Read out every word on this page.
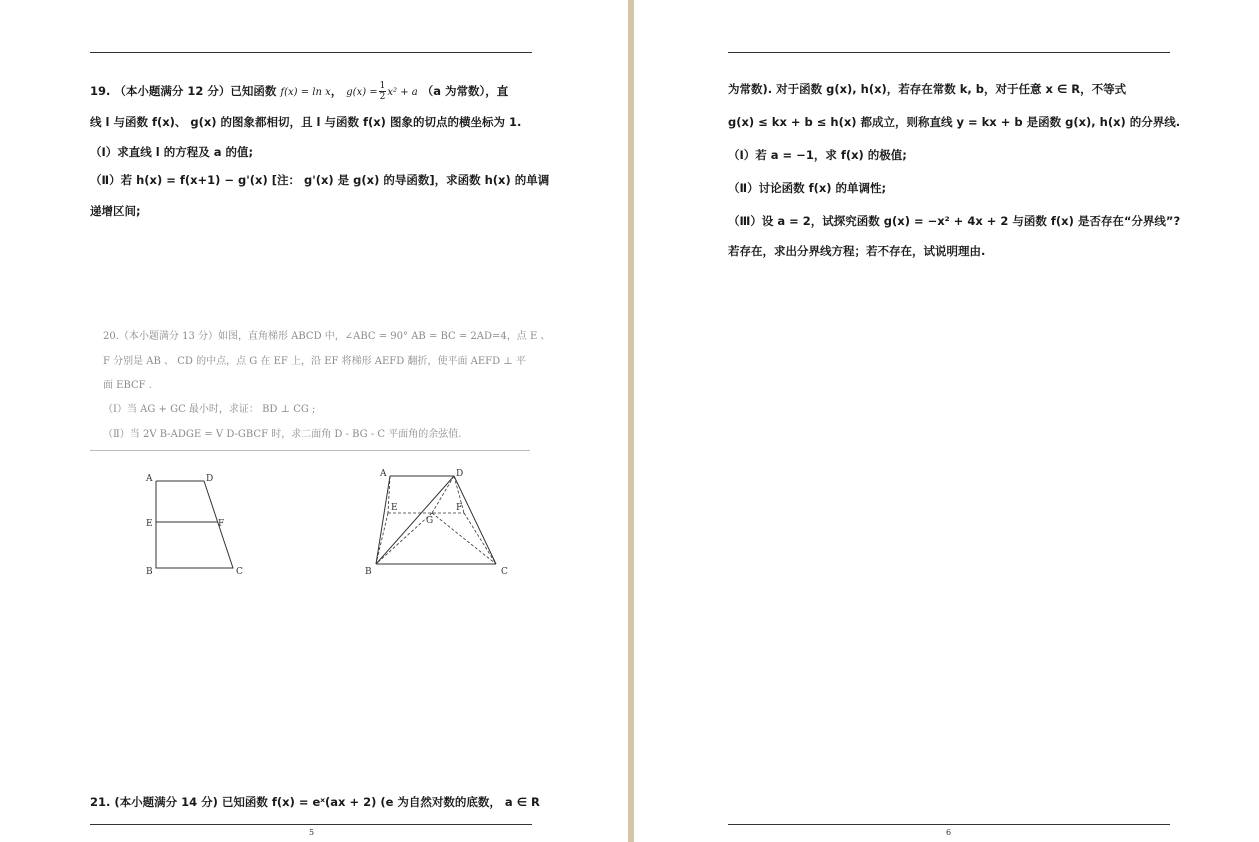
19. （本小题满分 12 分）已知函数 f(x) = ln x， $g(x) = \frac{1}{2} x^2 + a$ （a 为常数），直
线 l 与函数 f(x)、 g(x) 的图象都相切，且 l 与函数 f(x) 图象的切点的横坐标为 1.
（Ⅰ）求直线 l 的方程及 a 的值;
（Ⅱ）若 h(x) = f(x+1) − g'(x) [注： g'(x) 是 g(x) 的导函数]，求函数 h(x) 的单调
递增区间;
20.（本小题满分 13 分）如图，直角梯形 ABCD 中，∠ABC = 90° AB = BC = 2AD=4，点 E 、
F 分别是 AB 、 CD 的中点，点 G 在 EF 上，沿 EF 将梯形 AEFD 翻折，使平面 AEFD ⊥ 平
面 EBCF .
（Ⅰ）当 AG + GC 最小时，求证： BD ⊥ CG ;
（Ⅱ）当 2V B-ADGE = V D-GBCF 时，求二面角 D - BG - C 平面角的余弦值.
A	D
E	F
B	C
A	D
E	F
G
B	C
21. (本小题满分 14 分) 已知函数 f(x) = eˣ(ax + 2) (e 为自然对数的底数， a ∈ R
5
为常数). 对于函数 g(x), h(x)，若存在常数 k, b，对于任意 x ∈ R，不等式
g(x) ≤ kx + b ≤ h(x) 都成立，则称直线 y = kx + b 是函数 g(x), h(x) 的分界线.
（Ⅰ）若 a = −1，求 f(x) 的极值;
（Ⅱ）讨论函数 f(x) 的单调性;
（Ⅲ）设 a = 2，试探究函数 g(x) = −x² + 4x + 2 与函数 f(x) 是否存在“分界线”?
若存在，求出分界线方程；若不存在，试说明理由.
6
